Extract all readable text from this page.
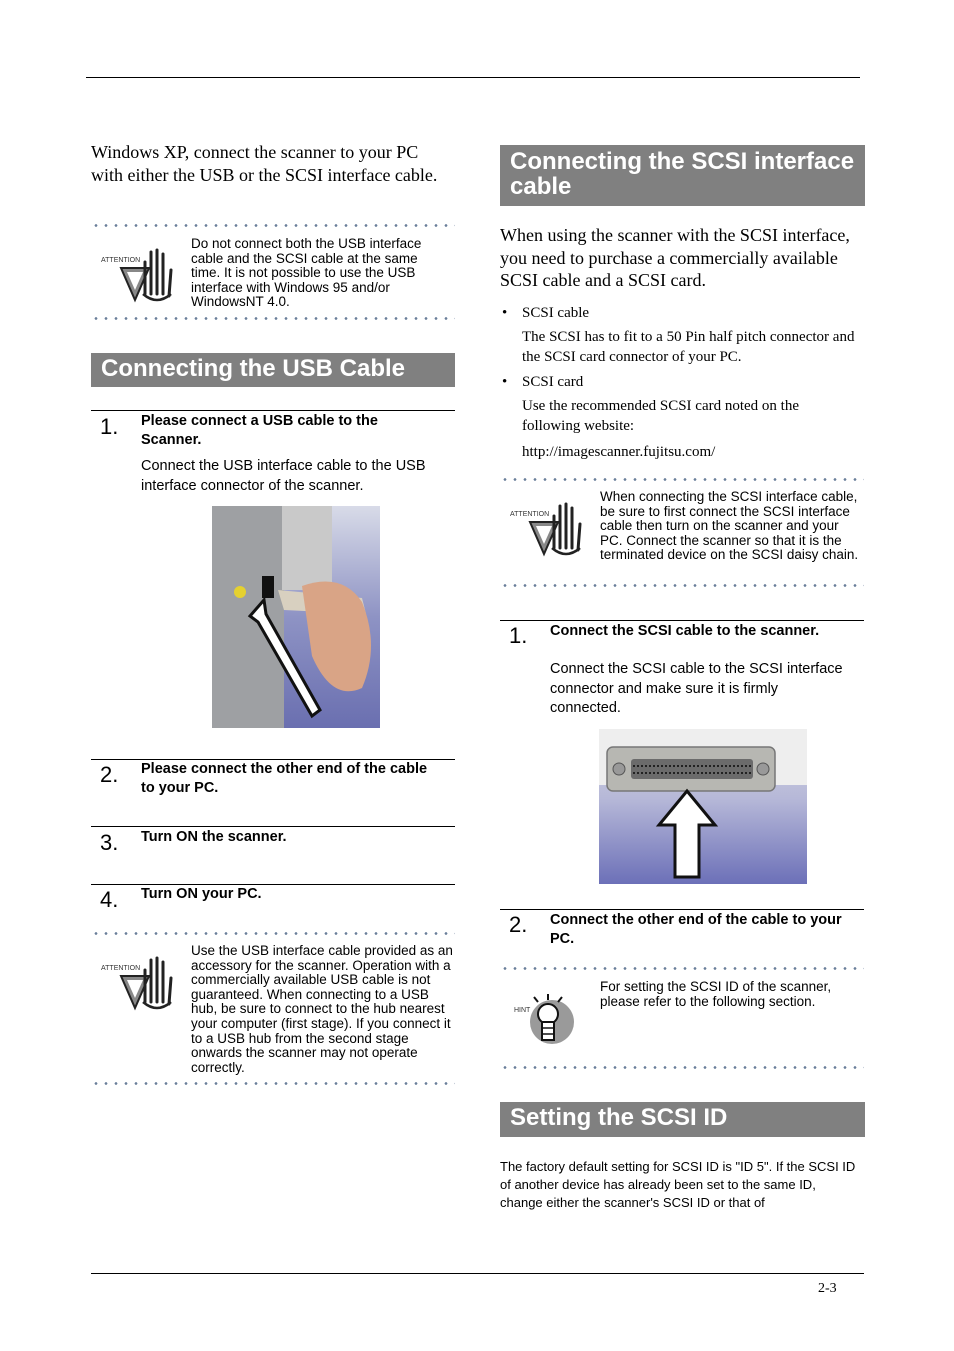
Windows XP, connect the scanner to your PC with either the USB or the SCSI interface cable.
ATTENTION
Do not connect both the USB interface cable and the SCSI cable at the same time. It is not possible to use the USB interface with Windows 95 and/or WindowsNT 4.0.
Connecting the USB Cable
1. Please connect a USB cable to the Scanner.
Connect the USB interface cable to the USB interface connector of the scanner.
2. Please connect the other end of the cable to your PC.
3. Turn ON the scanner.
4. Turn ON your PC.
ATTENTION
Use the USB interface cable provided as an accessory for the scanner. Operation with a commercially available USB cable is not guaranteed. When connecting to a USB hub, be sure to connect to the hub nearest your computer (first stage). If you connect it to a USB hub from the second stage onwards the scanner may not operate correctly.
Connecting the SCSI interface cable
When using the scanner with the SCSI interface, you need to purchase a commercially available SCSI cable and a SCSI card.
• SCSI cable
The SCSI has to fit to a 50 Pin half pitch connector and the SCSI card connector of your PC.
• SCSI card
Use the recommended SCSI card noted on the following website:
http://imagescanner.fujitsu.com/
ATTENTION
When connecting the SCSI interface cable, be sure to first connect the SCSI interface cable then turn on the scanner and your PC. Connect the scanner so that it is the terminated device on the SCSI daisy chain.
1. Connect the SCSI cable to the scanner.
Connect the SCSI cable to the SCSI interface connector and make sure it is firmly connected.
2. Connect the other end of the cable to your PC.
HINT
For setting the SCSI ID of the scanner, please refer to the following section.
Setting the SCSI ID
The factory default setting for SCSI ID is "ID 5". If the SCSI ID of another device has already been set to the same ID, change either the scanner's SCSI ID or that of
2-3
